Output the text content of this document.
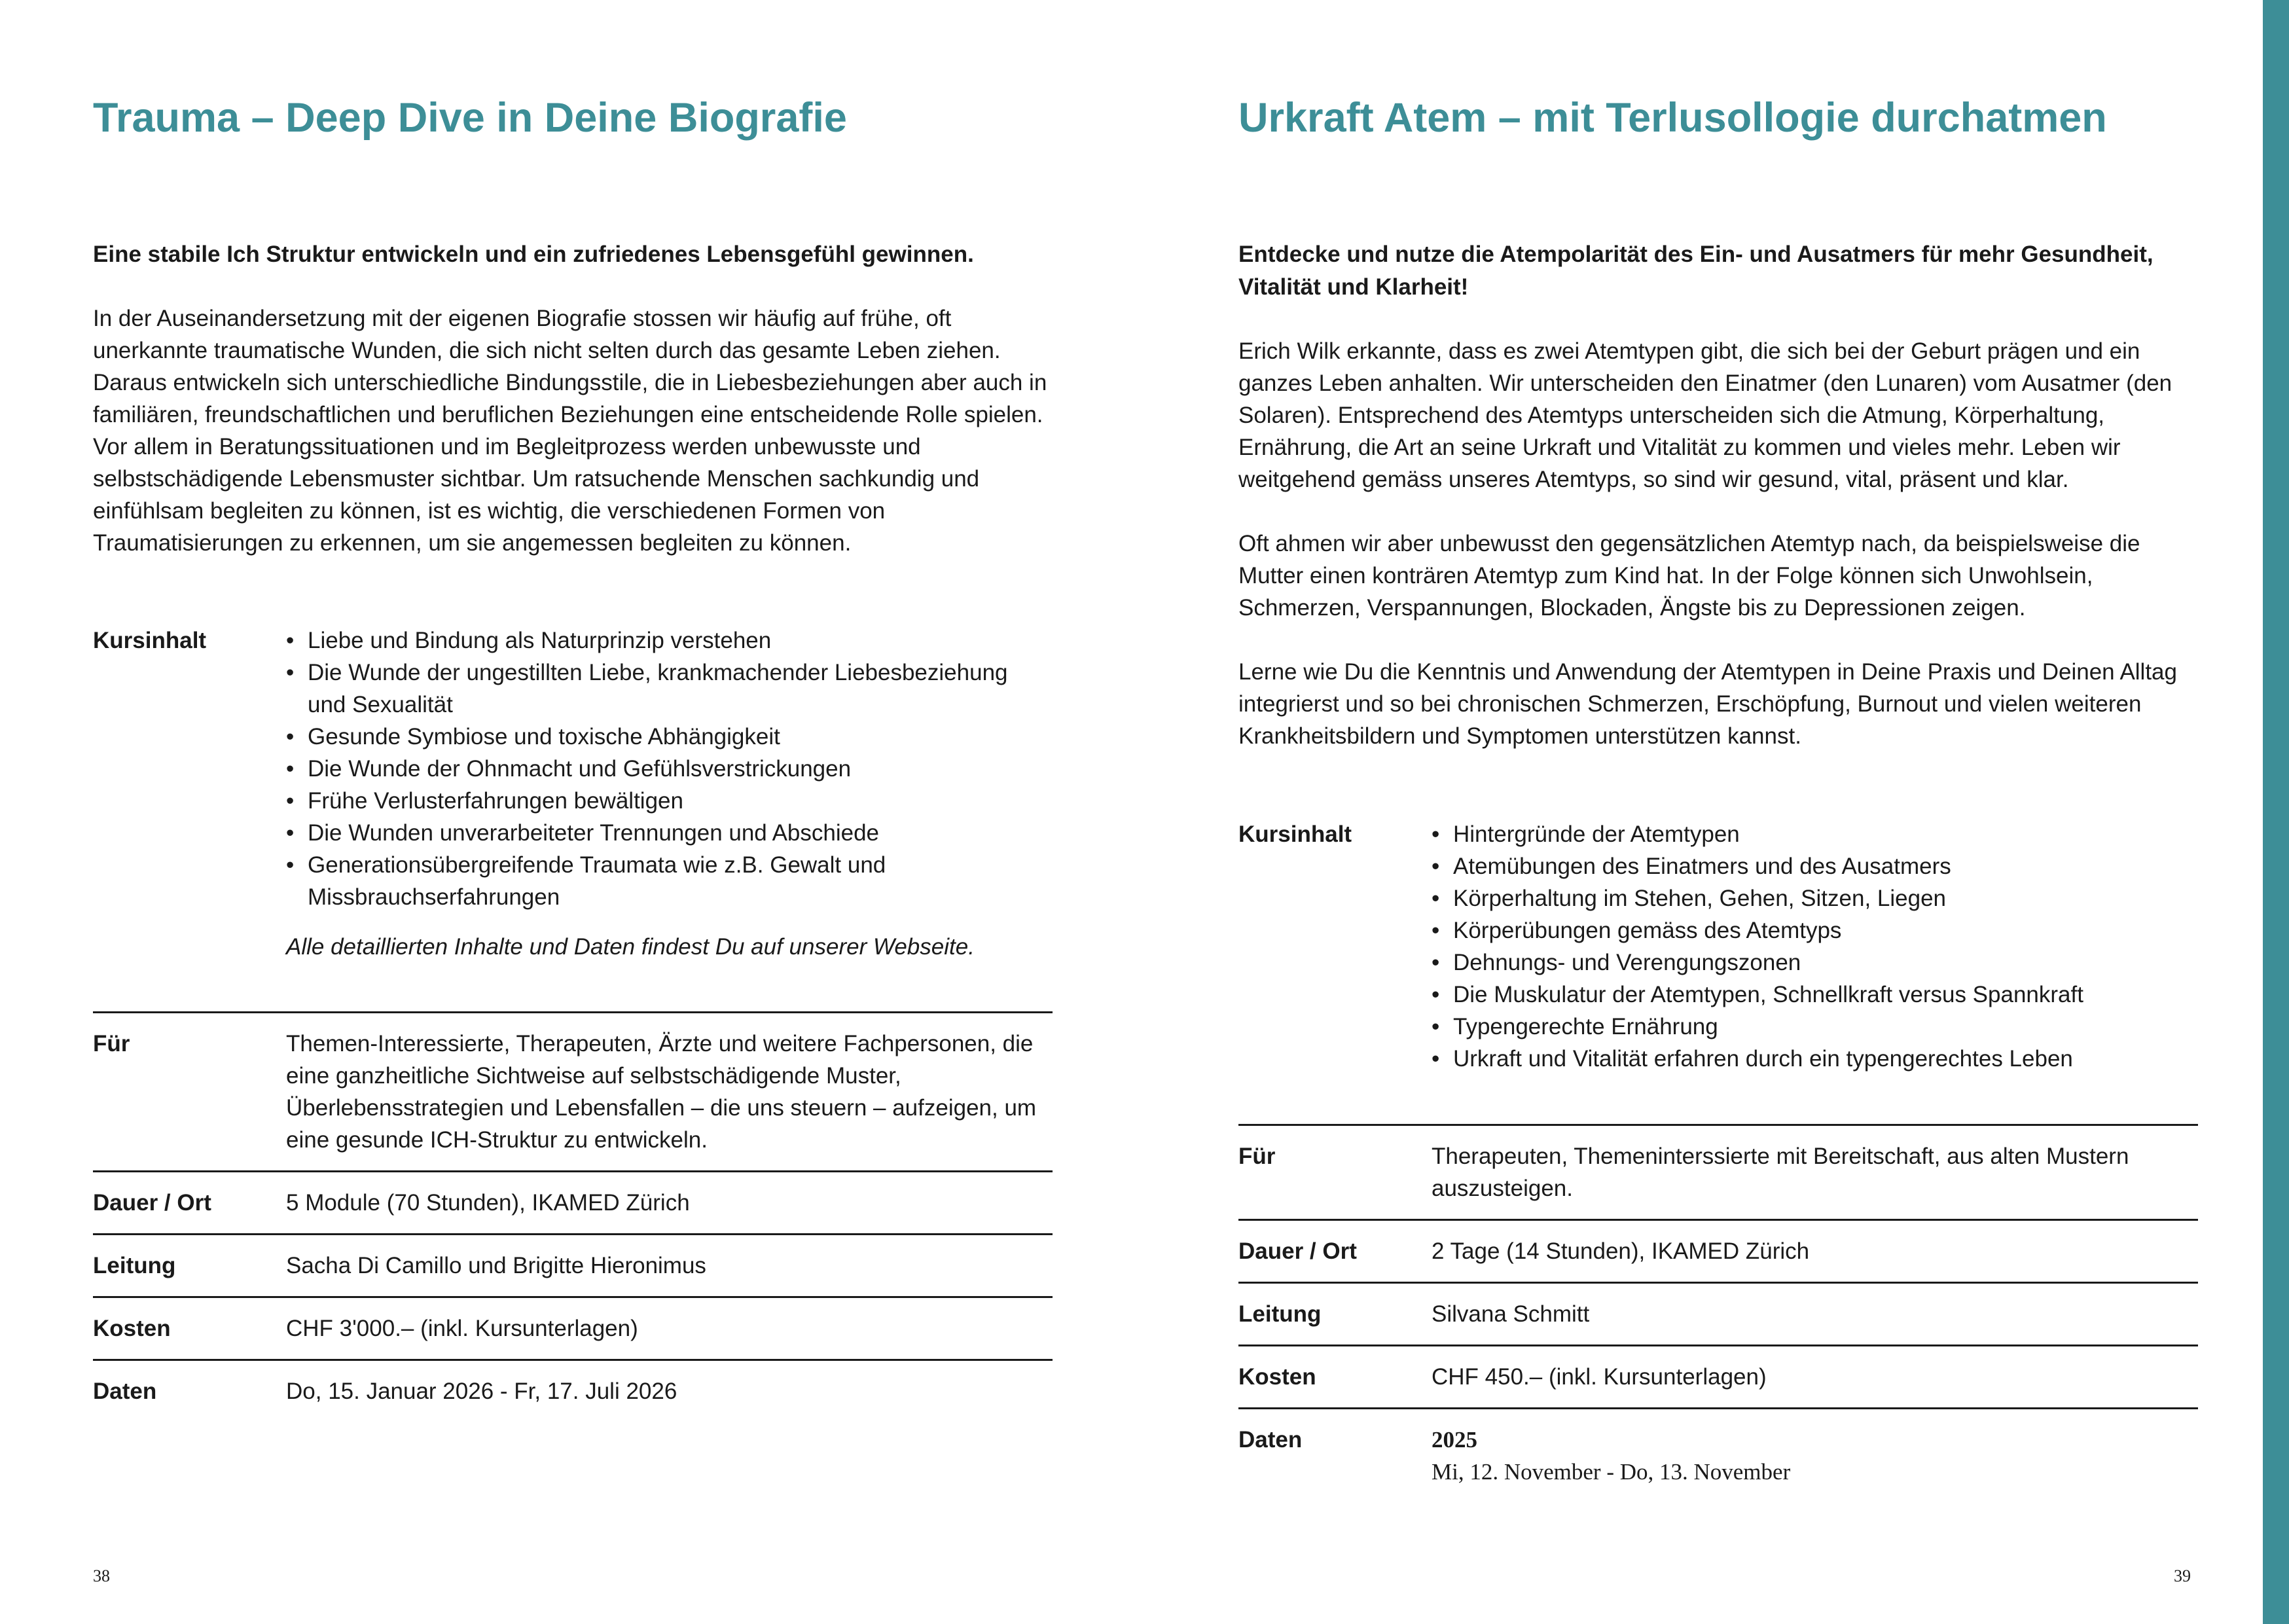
Trauma – Deep Dive in Deine Biografie
Eine stabile Ich Struktur entwickeln und ein zufriedenes Lebensgefühl gewinnen.

In der Auseinandersetzung mit der eigenen Biografie stossen wir häufig auf frühe, oft unerkannte traumatische Wunden, die sich nicht selten durch das gesamte Leben ziehen. Daraus entwickeln sich unterschiedliche Bindungsstile, die in Liebesbeziehungen aber auch in familiären, freundschaftlichen und beruflichen Beziehungen eine entscheidende Rolle spielen. Vor allem in Beratungssituationen und im Begleitprozess werden unbewusste und selbstschädigende Lebensmuster sichtbar. Um ratsuchende Menschen sachkundig und einfühlsam begleiten zu können, ist es wichtig, die verschiedenen Formen von Traumatisierungen zu erkennen, um sie angemessen begleiten zu können.

Kursinhalt	• Liebe und Bindung als Naturprinzip verstehen
• Die Wunde der ungestillten Liebe, krankmachender Liebesbeziehung und Sexualität
• Gesunde Symbiose und toxische Abhängigkeit
• Die Wunde der Ohnmacht und Gefühlsverstrickungen
• Frühe Verlusterfahrungen bewältigen
• Die Wunden unverarbeiteter Trennungen und Abschiede
• Generationsübergreifende Traumata wie z.B. Gewalt und Missbrauchserfahrungen
Alle detaillierten Inhalte und Daten findest Du auf unserer Webseite.
Für	Themen-Interessierte, Therapeuten, Ärzte und weitere Fachpersonen, die eine ganzheitliche Sichtweise auf selbstschädigende Muster, Überlebensstrategien und Lebensfallen – die uns steuern – aufzeigen, um eine gesunde ICH-Struktur zu entwickeln.
Dauer / Ort	5 Module (70 Stunden), IKAMED Zürich
Leitung	Sacha Di Camillo und Brigitte Hieronimus
Kosten	CHF 3'000.– (inkl. Kursunterlagen)
Daten	Do, 15. Januar 2026 - Fr, 17. Juli 2026
38
Urkraft Atem – mit Terlusollogie durchatmen
Entdecke und nutze die Atempolarität des Ein- und Ausatmers für mehr Gesundheit, Vitalität und Klarheit!

Erich Wilk erkannte, dass es zwei Atemtypen gibt, die sich bei der Geburt prägen und ein ganzes Leben anhalten. Wir unterscheiden den Einatmer (den Lunaren) vom Ausatmer (den Solaren). Entsprechend des Atemtyps unterscheiden sich die Atmung, Körperhaltung, Ernährung, die Art an seine Urkraft und Vitalität zu kommen und vieles mehr. Leben wir weitgehend gemäss unseres Atemtyps, so sind wir gesund, vital, präsent und klar.

Oft ahmen wir aber unbewusst den gegensätzlichen Atemtyp nach, da beispielsweise die Mutter einen konträren Atemtyp zum Kind hat. In der Folge können sich Unwohlsein, Schmerzen, Verspannungen, Blockaden, Ängste bis zu Depressionen zeigen.

Lerne wie Du die Kenntnis und Anwendung der Atemtypen in Deine Praxis und Deinen Alltag integrierst und so bei chronischen Schmerzen, Erschöpfung, Burnout und vielen weiteren Krankheitsbildern und Symptomen unterstützen kannst.

Kursinhalt	• Hintergründe der Atemtypen
• Atemübungen des Einatmers und des Ausatmers
• Körperhaltung im Stehen, Gehen, Sitzen, Liegen
• Körperübungen gemäss des Atemtyps
• Dehnungs- und Verengungszonen
• Die Muskulatur der Atemtypen, Schnellkraft versus Spannkraft
• Typengerechte Ernährung
• Urkraft und Vitalität erfahren durch ein typengerechtes Leben
Für	Therapeuten, Themeninterssierte mit Bereitschaft, aus alten Mustern auszusteigen.
Dauer / Ort	2 Tage (14 Stunden), IKAMED Zürich
Leitung	Silvana Schmitt
Kosten	CHF 450.– (inkl. Kursunterlagen)
Daten	2025
Mi, 12. November - Do, 13. November
39
